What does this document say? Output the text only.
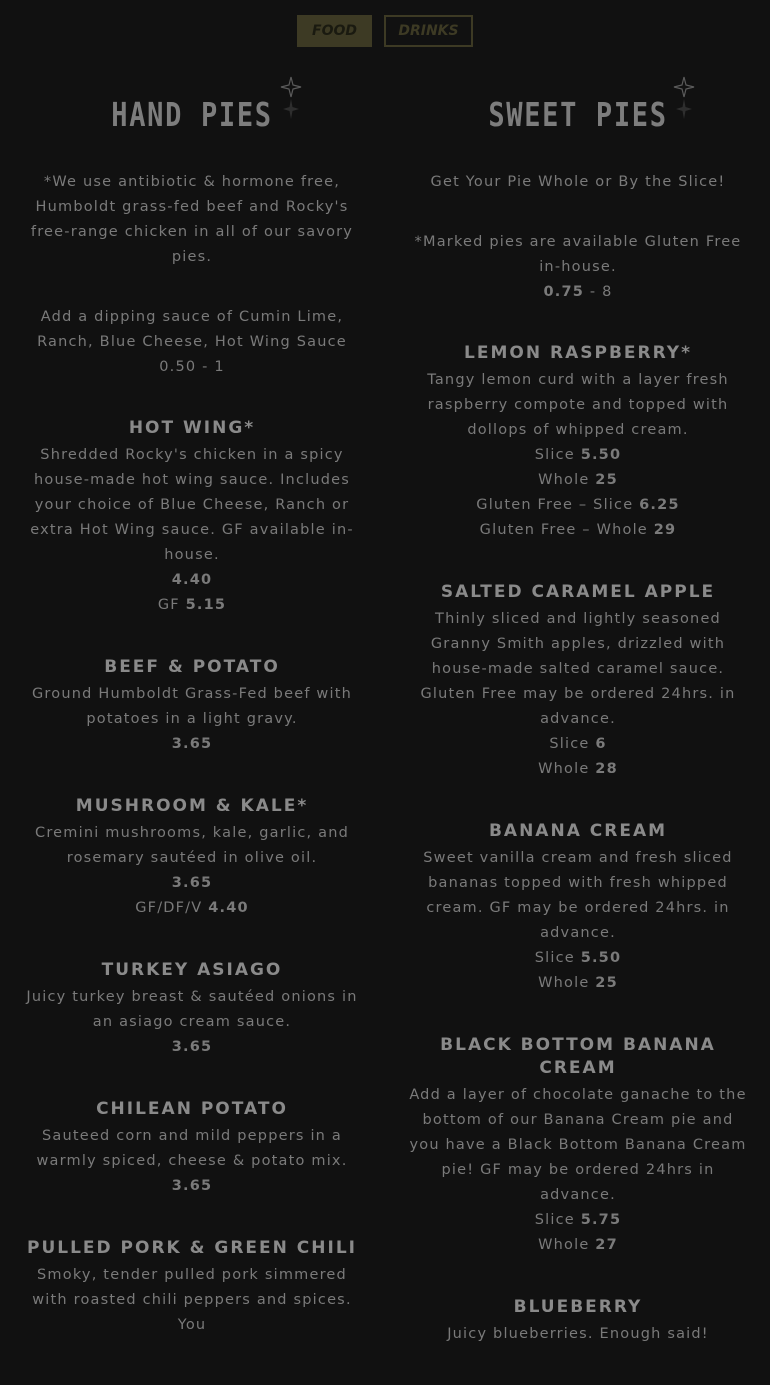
FOOD	DRINKS
HAND PIES

*We use antibiotic & hormone free, Humboldt grass-fed beef and Rocky's free-range chicken in all of our savory pies.

Add a dipping sauce of Cumin Lime, Ranch, Blue Cheese, Hot Wing Sauce 0.50 - 1

HOT WING*
Shredded Rocky's chicken in a spicy house-made hot wing sauce. Includes your choice of Blue Cheese, Ranch or extra Hot Wing sauce. GF available in-house.
4.40
GF 5.15
BEEF & POTATO
Ground Humboldt Grass-Fed beef with potatoes in a light gravy.
3.65
MUSHROOM & KALE*
Cremini mushrooms, kale, garlic, and rosemary sautéed in olive oil.
3.65
GF/DF/V 4.40
TURKEY ASIAGO
Juicy turkey breast & sautéed onions in an asiago cream sauce.
3.65
CHILEAN POTATO
Sauteed corn and mild peppers in a warmly spiced, cheese & potato mix.
3.65
PULLED PORK & GREEN CHILI
Smoky, tender pulled pork simmered with roasted chili peppers and spices. You
SWEET PIES

Get Your Pie Whole or By the Slice!

*Marked pies are available Gluten Free in-house.

0.75 - 8
LEMON RASPBERRY*
Tangy lemon curd with a layer fresh raspberry compote and topped with dollops of whipped cream.
Slice 5.50
Whole 25
Gluten Free – Slice 6.25
Gluten Free – Whole 29
SALTED CARAMEL APPLE
Thinly sliced and lightly seasoned Granny Smith apples, drizzled with house-made salted caramel sauce. Gluten Free may be ordered 24hrs. in advance.
Slice 6
Whole 28
BANANA CREAM
Sweet vanilla cream and fresh sliced bananas topped with fresh whipped cream. GF may be ordered 24hrs. in advance.
Slice 5.50
Whole 25
BLACK BOTTOM BANANA CREAM
Add a layer of chocolate ganache to the bottom of our Banana Cream pie and you have a Black Bottom Banana Cream pie! GF may be ordered 24hrs in advance.
Slice 5.75
Whole 27
BLUEBERRY
Juicy blueberries. Enough said!
